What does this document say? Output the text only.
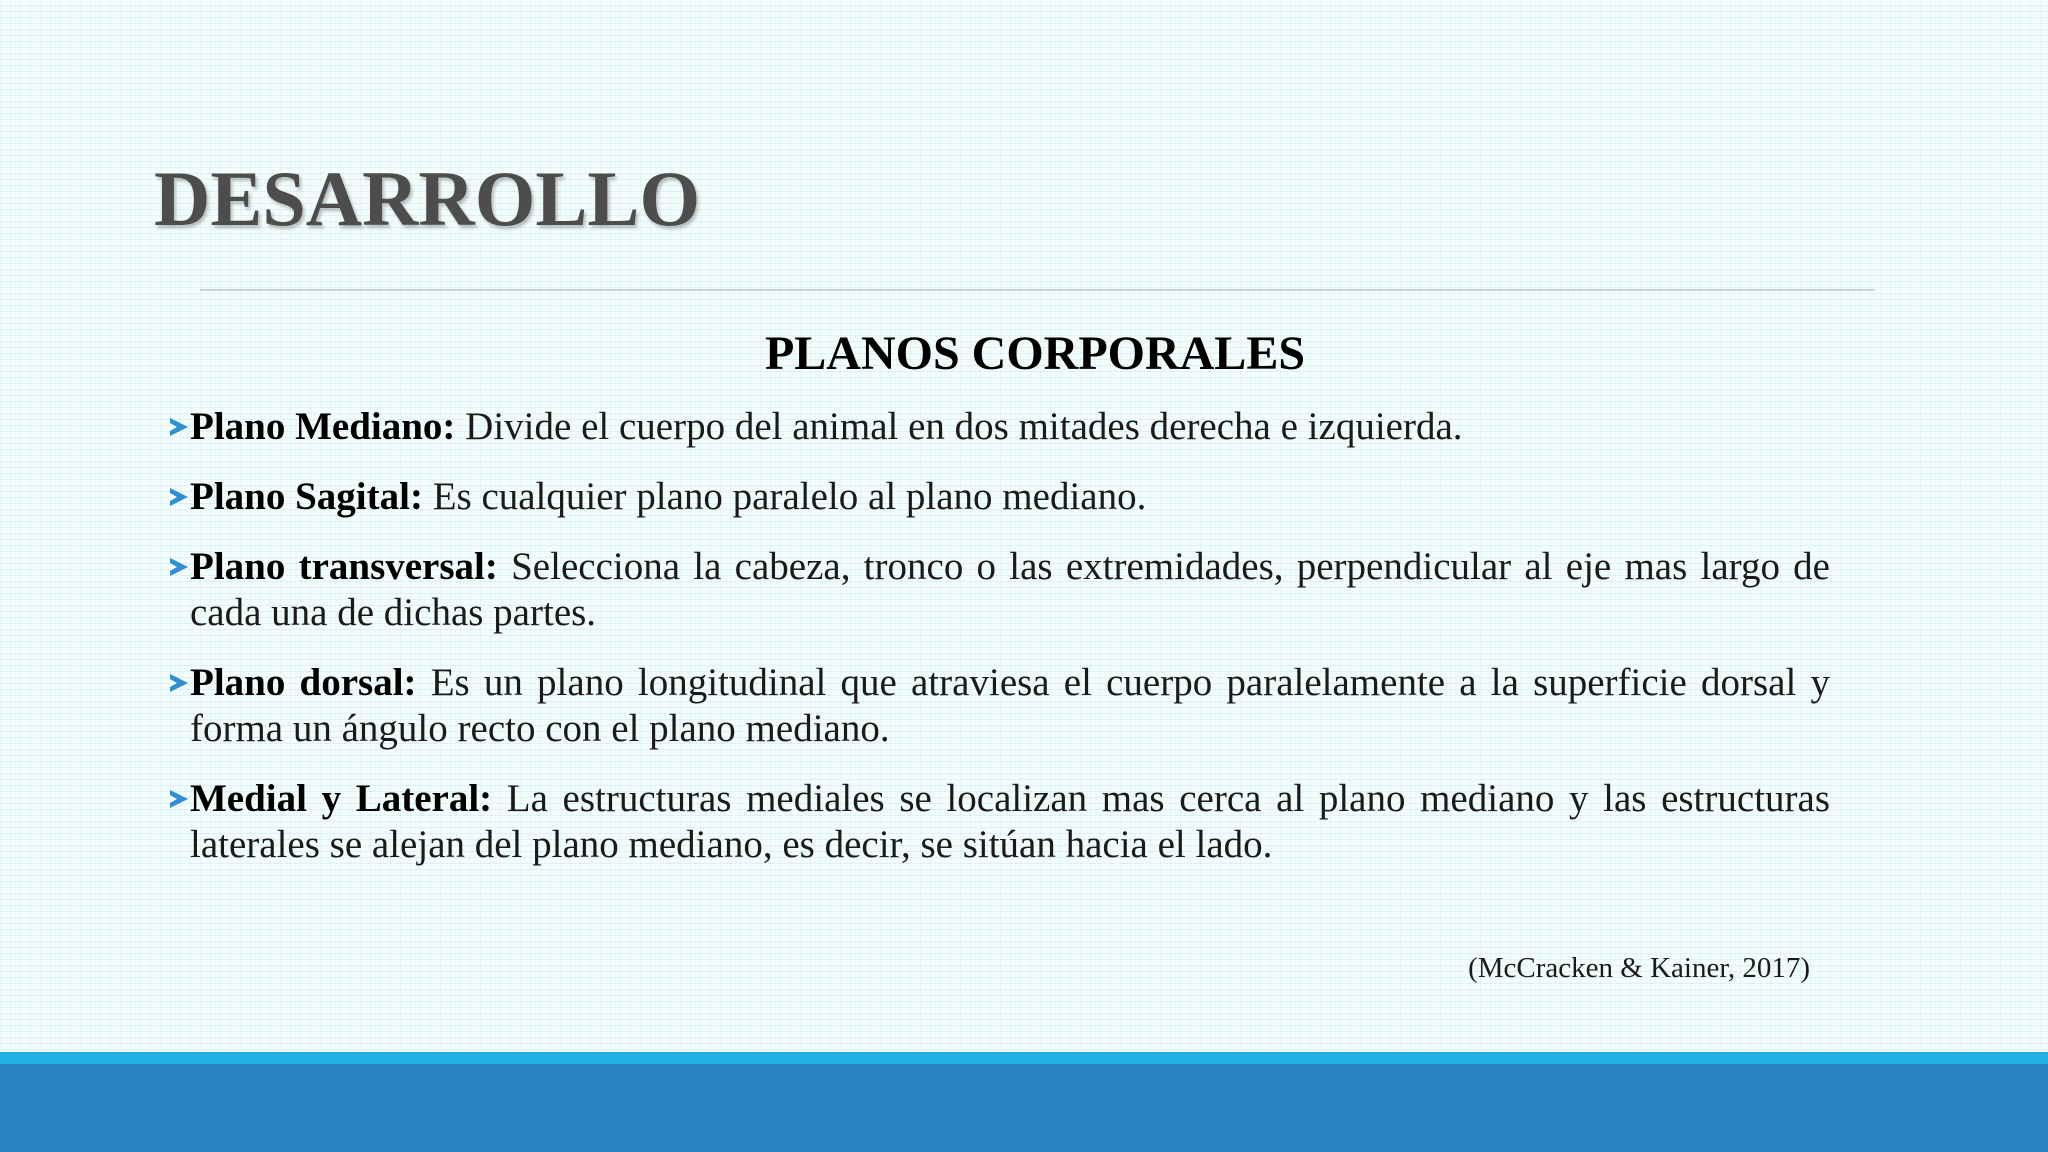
DESARROLLO
PLANOS CORPORALES
Plano Mediano: Divide el cuerpo del animal en dos mitades derecha e izquierda.
Plano Sagital: Es cualquier plano paralelo al plano mediano.
Plano transversal: Selecciona la cabeza, tronco o las extremidades, perpendicular al eje mas largo de cada una de dichas partes.
Plano dorsal: Es un plano longitudinal que atraviesa el cuerpo paralelamente a la superficie dorsal y forma un ángulo recto con el plano mediano.
Medial y Lateral: La estructuras mediales se localizan mas cerca al plano mediano y las estructuras laterales se alejan del plano mediano, es decir, se sitúan hacia el lado.
(McCracken & Kainer, 2017)
